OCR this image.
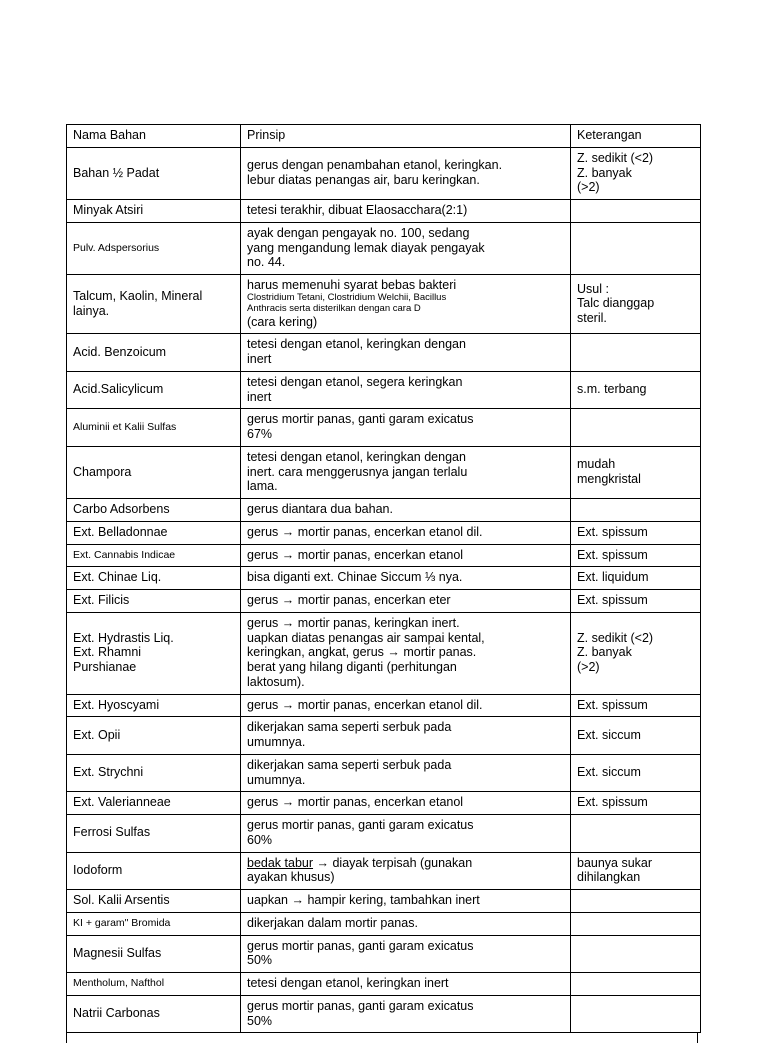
Nama Bahan	Prinsip	Keterangan

Bahan ½ Padat	gerus dengan penambahan etanol, keringkan.
lebur diatas penangas air, baru keringkan.	Z. sedikit (<2)
Z. banyak
(>2)

Minyak Atsiri	tetesi terakhir, dibuat Elaosacchara(2:1)	

Pulv. Adspersorius	ayak dengan pengayak no. 100, sedang
yang mengandung lemak diayak pengayak
no. 44.	

Talcum, Kaolin, Mineral lainya.	harus memenuhi syarat bebas bakteri
Clostridium Tetani, Clostridium Welchii, Bacillus
Anthracis serta disterilkan dengan cara D
(cara kering)	Usul :
Talc dianggap
steril.

Acid. Benzoicum	tetesi dengan etanol, keringkan dengan
inert	

Acid.Salicylicum	tetesi dengan etanol, segera keringkan
inert	s.m. terbang

Aluminii et Kalii Sulfas	gerus mortir panas, ganti garam exicatus
67%	

Champora	tetesi dengan etanol, keringkan dengan
inert. cara menggerusnya jangan terlalu
lama.	mudah
mengkristal

Carbo Adsorbens	gerus diantara dua bahan.	

Ext. Belladonnae	gerus → mortir panas, encerkan etanol dil.	Ext. spissum

Ext. Cannabis Indicae	gerus → mortir panas, encerkan etanol	Ext. spissum

Ext. Chinae Liq.	bisa diganti ext. Chinae Siccum ⅓ nya.	Ext. liquidum

Ext. Filicis	gerus → mortir panas, encerkan eter	Ext. spissum

Ext. Hydrastis Liq.
Ext. Rhamni
Purshianae	gerus → mortir panas, keringkan inert.
uapkan diatas penangas air sampai kental,
keringkan, angkat, gerus → mortir panas.
berat yang hilang diganti (perhitungan
laktosum).	Z. sedikit (<2)
Z. banyak
(>2)

Ext. Hyoscyami	gerus → mortir panas, encerkan etanol dil.	Ext. spissum

Ext. Opii	dikerjakan sama seperti serbuk pada
umumnya.	Ext. siccum

Ext. Strychni	dikerjakan sama seperti serbuk pada
umumnya.	Ext. siccum

Ext. Valerianneae	gerus → mortir panas, encerkan etanol	Ext. spissum

Ferrosi Sulfas	gerus mortir panas, ganti garam exicatus
60%	

Iodoform	bedak tabur → diayak terpisah (gunakan
ayakan khusus)	baunya sukar
dihilangkan

Sol. Kalii Arsentis	uapkan → hampir kering, tambahkan inert	

KI + garam" Bromida	dikerjakan dalam mortir panas.	

Magnesii Sulfas	gerus mortir panas, ganti garam exicatus
50%	

Mentholum, Nafthol	tetesi dengan etanol, keringkan inert	

Natrii Carbonas	gerus mortir panas, ganti garam exicatus
50%	
